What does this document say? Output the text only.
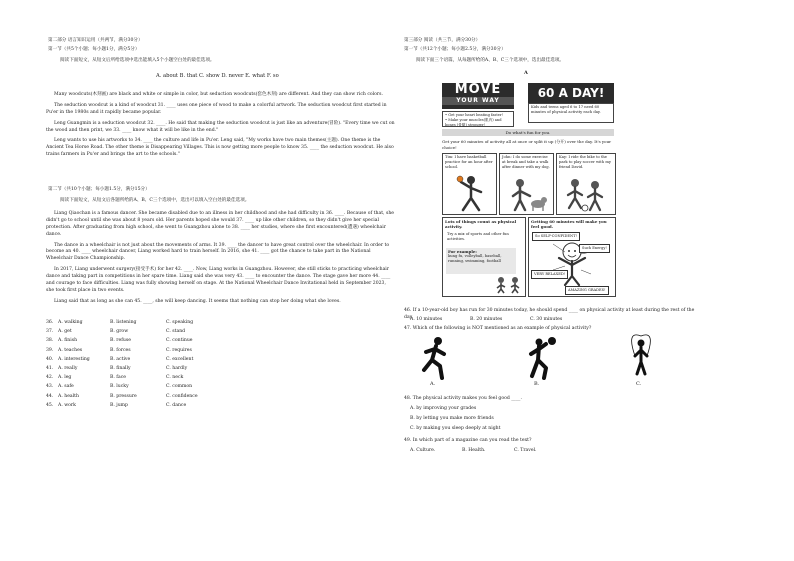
第二部分 语言知识运用（共两节，满分30分）

第一节（共5个小题；每小题1分，满分5分）

阅读下面短文，从短文后所给选项中选出能填入5个小题空白处的最佳选项。

A. about B. that C. show D. never E. what F. so

Many woodcuts(木刻画) are black and white or simple in color, but seduction woodcuts(套色木刻) are different. And they can show rich colors.

The seduction woodcut is a kind of woodcut 31. ____ uses one piece of wood to make a colorful artwork. The seduction woodcut first started in Pu'er in the 1980s and it rapidly became popular.

Leng Guangmin is a seduction woodcut 32. ____. He said that making the seduction woodcut is just like an adventure(冒险). "Every time we cut on the wood and then print, we 33. ____ know what it will be like in the end."

Leng wants to use his artworks to 34. ____ the culture and life in Pu'er. Leng said, "My works have two main themes(主题). One theme is the Ancient Tea Horse Road. The other theme is Disappearing Villages. This is now getting more people to know 35. ____ the seduction woodcut. He also trains farmers in Pu'er and brings the art to the schools."

第二节（共10个小题；每小题1.5分，满分15分）

阅读下面短文，从短文后各题所给的A、B、C三个选项中，选出可以填入空白处的最佳选项。

Liang Qiaochan is a famous dancer. She became disabled due to an illness in her childhood and she had difficulty in 36. ____. Because of that, she didn't go to school until she was about 8 years old. Her parents hoped she would 37. ____ up like other children, so they didn't give her special protection. After graduating from high school, she went to Guangzhou alone to 38. ____ her studies, where she first encountered(遭遇) wheelchair dance.

The dance in a wheelchair is not just about the movements of arms. It 39. ____ the dancer to have great control over the wheelchair. In order to become an 40. ____ wheelchair dancer, Liang worked hard to train herself. In 2016, she 41. ____ got the chance to take part in the National Wheelchair Dance Championship.

In 2017, Liang underwent surgery(接受手术) for her 42. ____. Now, Liang works in Guangzhou. However, she still sticks to practicing wheelchair dance and taking part in competitions in her spare time. Liang said she was very 43. ____ to encounter the dance. The stage gave her more 44. ____ and courage to face difficulties. Liang was fully showing herself on stage. At the National Wheelchair Dance Invitational held in September 2023, she took first place in two events.

Liang said that as long as she can 45. ____, she will keep dancing. It seems that nothing can stop her doing what she loves.

36.	A. walking	B. listening	C. speaking
37.	A. get	B. grow	C. stand
38.	A. finish	B. refuse	C. continue
39.	A. teaches	B. forces	C. requires
40.	A. interesting	B. active	C. excellent
41.	A. really	B. finally	C. hardly
42.	A. leg	B. face	C. neck
43.	A. safe	B. lucky	C. common
44.	A. health	B. pressure	C. confidence
45.	A. work	B. jump	C. dance

第三部分 阅读（共三节，满分30分）

第一节（共12个小题；每小题2.5分，满分30分）

阅读下面三个语篇，从每题所给的A、B、C三个选项中，选出最佳选项。

A

MOVE
YOUR WAY
60 A DAY!
• Get your heart beating faster!
• Make your muscles(肌肉) and bones (骨骼) stronger!
Kids and teens aged 6 to 17 need 60 minutes of physical activity each day.
Do what's fun for you.
Get your 60 minutes of activity all at once or split it up (分开) over the day. It's your choice!
Tim: I have basketball practice for an hour after school.
John: I do some exercise at break and take a walk after dinner with my dog.
Kay: I ride the bike to the park to play soccer with my friend David.
Lots of things count as physical activity.
Try a mix of sports and other fun activities.
For example:
kung fu, volleyball, baseball, running, swimming, football
Getting 60 minutes will make you feel good.
So SELF-CONFIDENT!
Such Energy!
VERY RELAXED!
AMAZING GRADES!

46. If a 10-year-old boy has run for 30 minutes today, he should spend ____ on physical activity at least during the rest of the day.

A. 10 minutes	B. 20 minutes	C. 30 minutes

47. Which of the following is NOT mentioned as an example of physical activity?

A.	B.	C.

48. The physical activity makes you feel good ____.

A. by improving your grades

B. by letting you make more friends

C. by making you sleep deeply at night

49. In which part of a magazine can you read the text?

A. Culture.	B. Health.	C. Travel.
